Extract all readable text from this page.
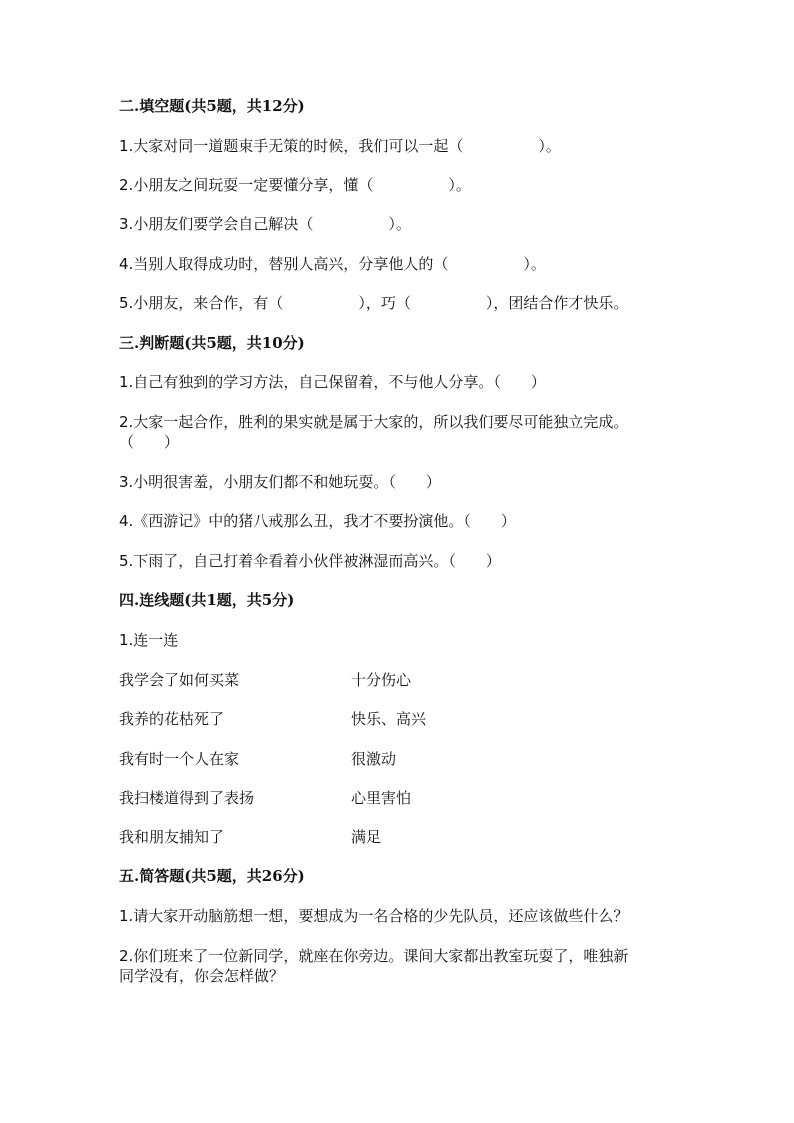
二.填空题(共5题，共12分)

1.大家对同一道题束手无策的时候，我们可以一起（　　　　　）。

2.小朋友之间玩耍一定要懂分享，懂（　　　　　）。

3.小朋友们要学会自己解决（　　　　　）。

4.当别人取得成功时，替别人高兴，分享他人的（　　　　　）。

5.小朋友，来合作，有（　　　　　），巧（　　　　　），团结合作才快乐。

三.判断题(共5题，共10分)

1.自己有独到的学习方法，自己保留着，不与他人分享。（　　）

2.大家一起合作，胜利的果实就是属于大家的，所以我们要尽可能独立完成。

（　　）

3.小明很害羞，小朋友们都不和她玩耍。（　　）

4.《西游记》中的猪八戒那么丑，我才不要扮演他。（　　）

5.下雨了，自己打着伞看着小伙伴被淋湿而高兴。（　　）

四.连线题(共1题，共5分)

1.连一连

我学会了如何买菜	十分伤心

我养的花枯死了	快乐、高兴

我有时一个人在家	很激动

我扫楼道得到了表扬	心里害怕

我和朋友捕知了	满足

五.简答题(共5题，共26分)

1.请大家开动脑筋想一想，要想成为一名合格的少先队员，还应该做些什么？

2.你们班来了一位新同学，就座在你旁边。课间大家都出教室玩耍了，唯独新

同学没有，你会怎样做？
